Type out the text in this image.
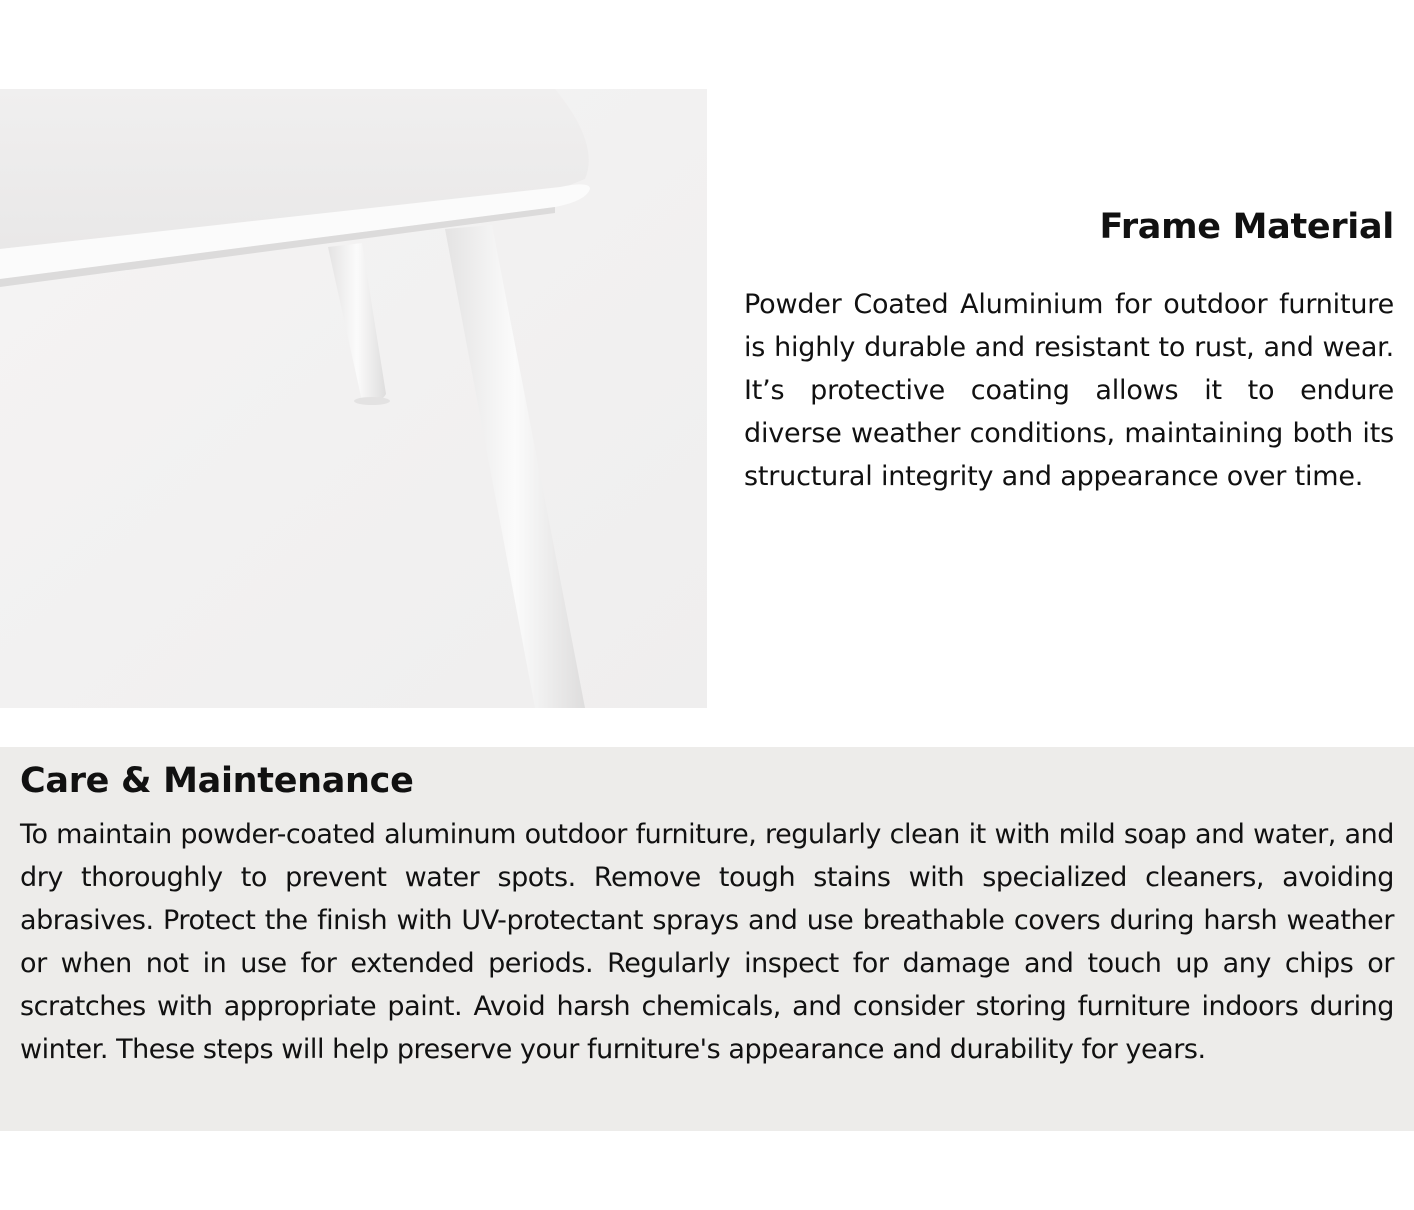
Frame Material

Powder Coated Aluminium for outdoor furniture is highly durable and resistant to rust, and wear. It’s protective coating allows it to endure diverse weather conditions, maintaining both its structural integrity and appearance over time.

Care & Maintenance

To maintain powder-coated aluminum outdoor furniture, regularly clean it with mild soap and water, and dry thoroughly to prevent water spots. Remove tough stains with specialized cleaners, avoiding abrasives. Protect the finish with UV-protectant sprays and use breathable covers during harsh weather or when not in use for extended periods. Regularly inspect for damage and touch up any chips or scratches with appropriate paint. Avoid harsh chemicals, and consider storing furniture indoors during winter. These steps will help preserve your furniture's appearance and durability for years.
